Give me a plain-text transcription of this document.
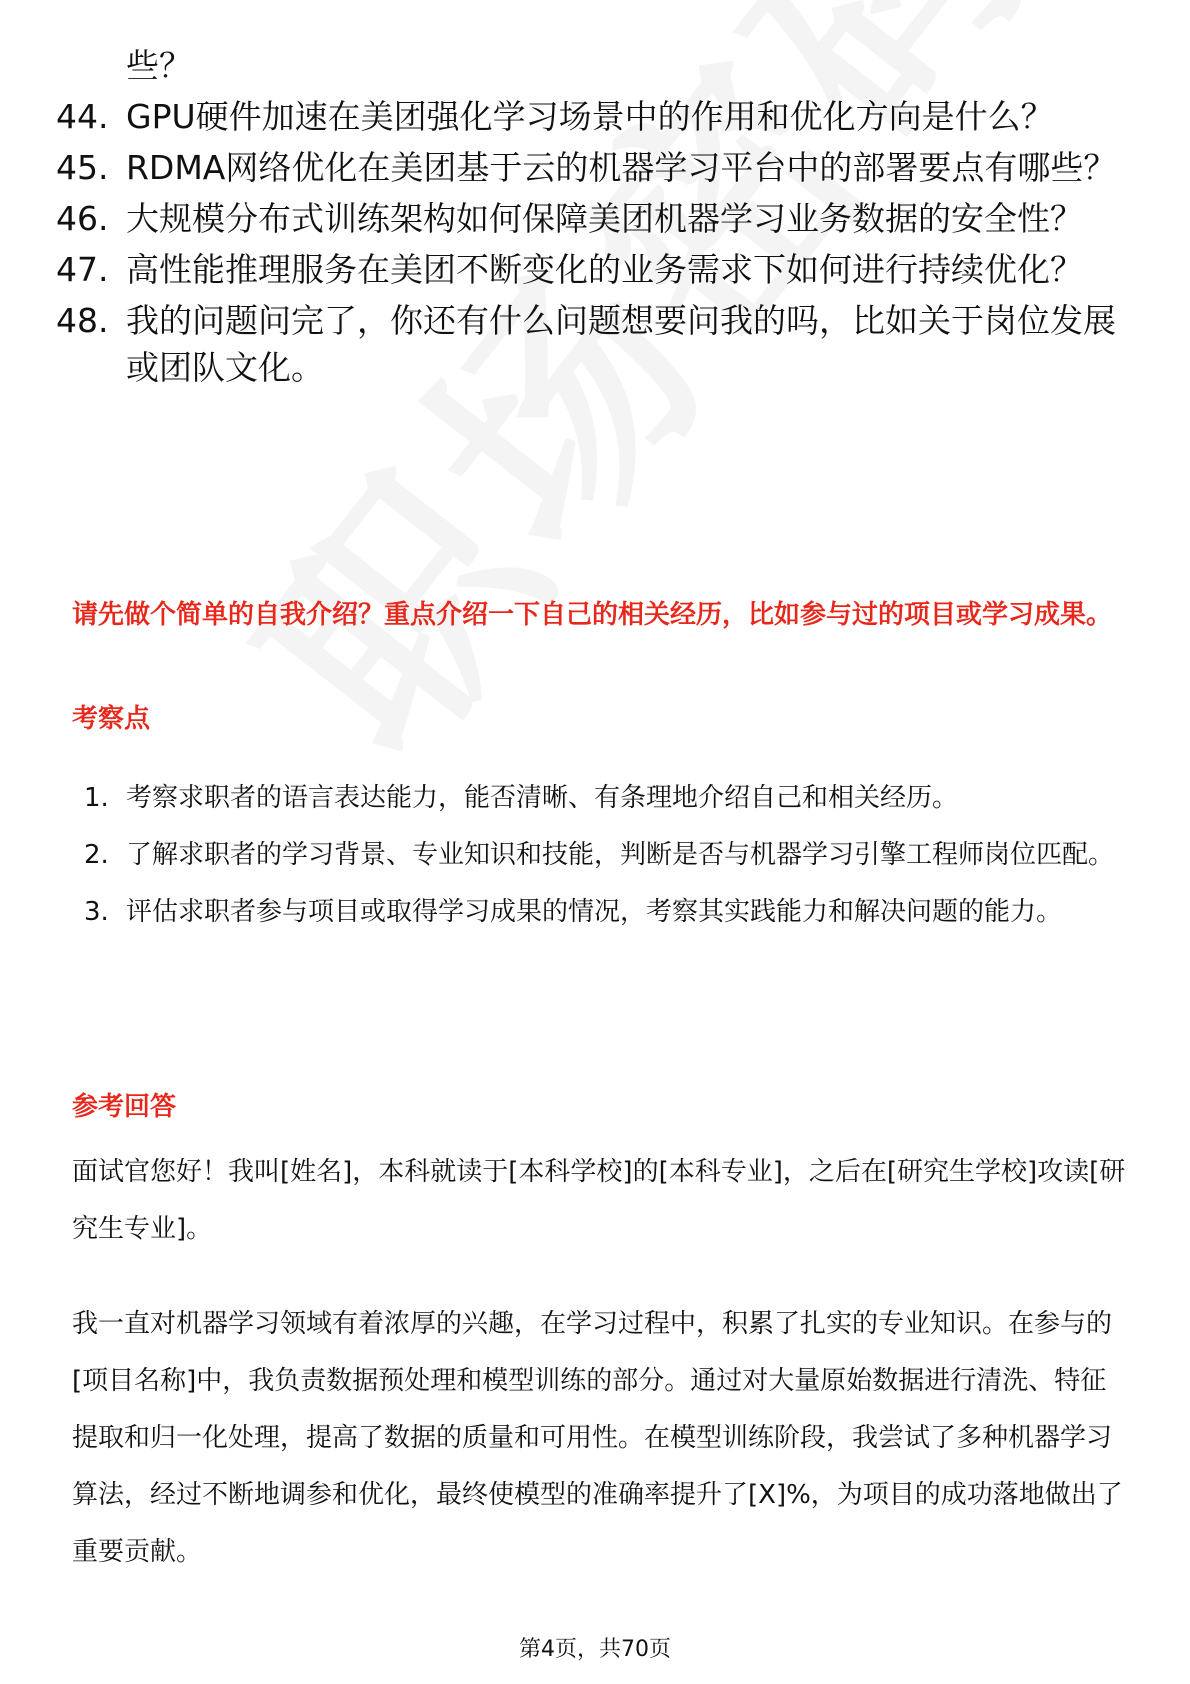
些？
44. GPU硬件加速在美团强化学习场景中的作用和优化方向是什么？
45. RDMA网络优化在美团基于云的机器学习平台中的部署要点有哪些？
46. 大规模分布式训练架构如何保障美团机器学习业务数据的安全性？
47. 高性能推理服务在美团不断变化的业务需求下如何进行持续优化？
48. 我的问题问完了，你还有什么问题想要问我的吗，比如关于岗位发展或团队文化。
请先做个简单的自我介绍？重点介绍一下自己的相关经历，比如参与过的项目或学习成果。
考察点
1. 考察求职者的语言表达能力，能否清晰、有条理地介绍自己和相关经历。
2. 了解求职者的学习背景、专业知识和技能，判断是否与机器学习引擎工程师岗位匹配。
3. 评估求职者参与项目或取得学习成果的情况，考察其实践能力和解决问题的能力。
参考回答

面试官您好！我叫[姓名]，本科就读于[本科学校]的[本科专业]，之后在[研究生学校]攻读[研究生专业]。

我一直对机器学习领域有着浓厚的兴趣，在学习过程中，积累了扎实的专业知识。在参与的[项目名称]中，我负责数据预处理和模型训练的部分。通过对大量原始数据进行清洗、特征提取和归一化处理，提高了数据的质量和可用性。在模型训练阶段，我尝试了多种机器学习算法，经过不断地调参和优化，最终使模型的准确率提升了[X]%，为项目的成功落地做出了重要贡献。

第4页，共70页
